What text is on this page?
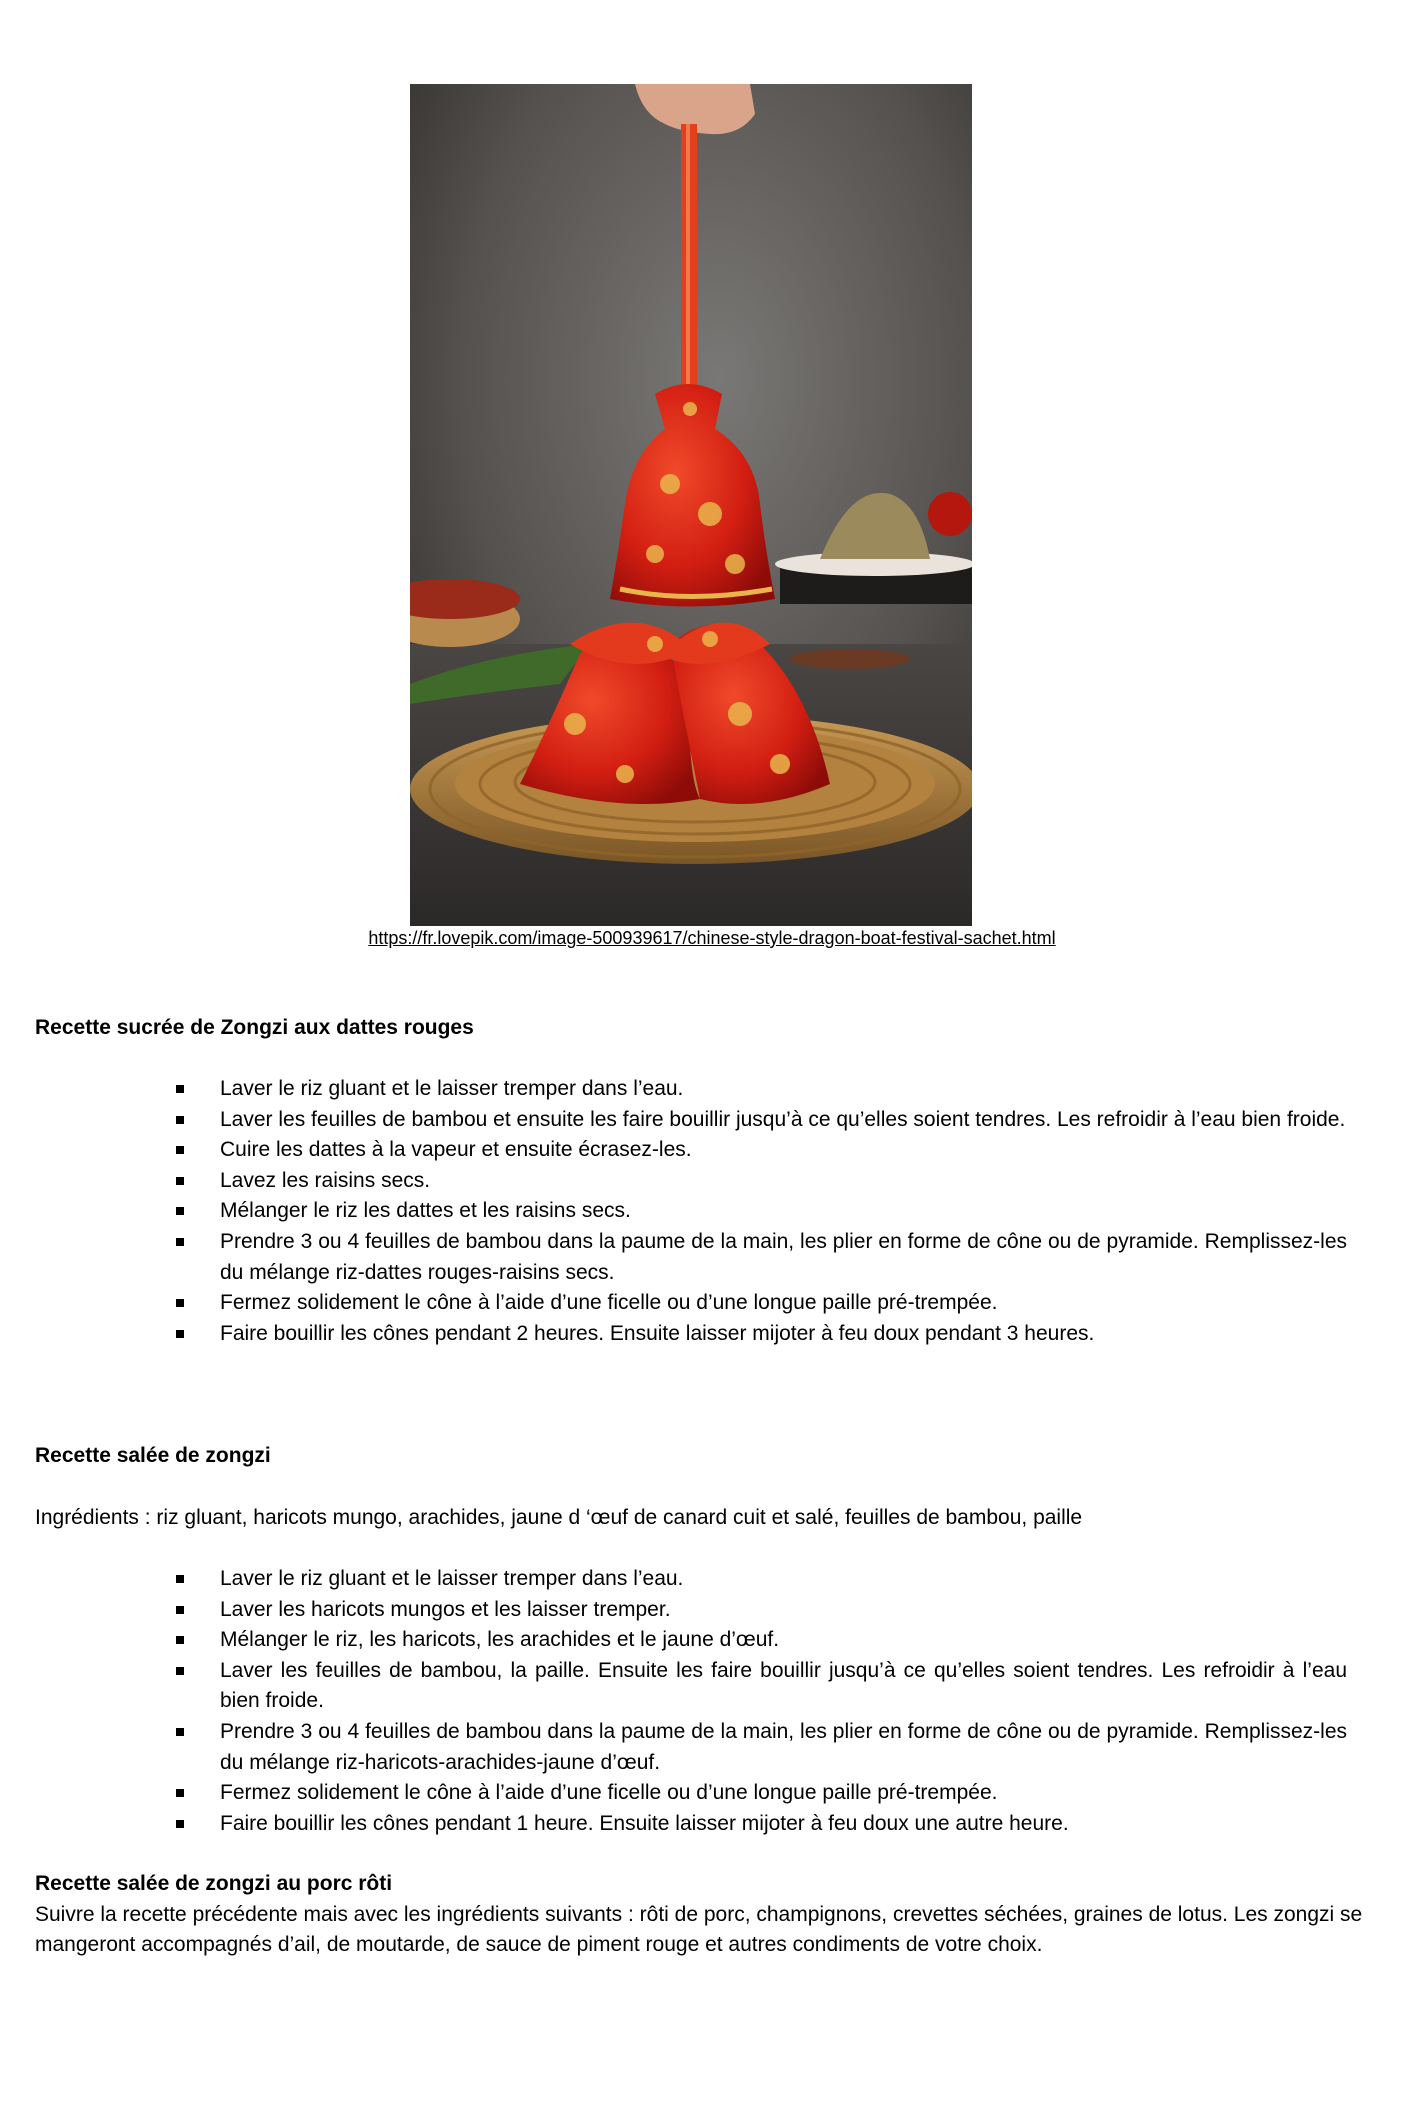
https://fr.lovepik.com/image-500939617/chinese-style-dragon-boat-festival-sachet.html
Recette sucrée de Zongzi aux dattes rouges
Laver le riz gluant et le laisser tremper dans l’eau.
Laver les feuilles de bambou et ensuite les faire bouillir jusqu’à ce qu’elles soient tendres. Les refroidir à l’eau bien froide.
Cuire les dattes à la vapeur et ensuite écrasez-les.
Lavez les raisins secs.
Mélanger le riz les dattes et les raisins secs.
Prendre 3 ou 4 feuilles de bambou dans la paume de la main, les plier en forme de cône ou de pyramide. Remplissez-les du mélange riz-dattes rouges-raisins secs.
Fermez solidement le cône à l’aide d’une ficelle ou d’une longue paille pré-trempée.
Faire bouillir les cônes pendant 2 heures. Ensuite laisser mijoter à feu doux pendant 3 heures.
Recette salée de zongzi
Ingrédients : riz gluant, haricots mungo, arachides, jaune d ‘œuf de canard cuit et salé, feuilles de bambou, paille
Laver le riz gluant et le laisser tremper dans l’eau.
Laver les haricots mungos et les laisser tremper.
Mélanger le riz, les haricots, les arachides et le jaune d’œuf.
Laver les feuilles de bambou, la paille. Ensuite les faire bouillir jusqu’à ce qu’elles soient tendres. Les refroidir à l’eau bien froide.
Prendre 3 ou 4 feuilles de bambou dans la paume de la main, les plier en forme de cône ou de pyramide. Remplissez-les du mélange riz-haricots-arachides-jaune d’œuf.
Fermez solidement le cône à l’aide d’une ficelle ou d’une longue paille pré-trempée.
Faire bouillir les cônes pendant 1 heure. Ensuite laisser mijoter à feu doux une autre heure.
Recette salée de zongzi au porc rôti
Suivre la recette précédente mais avec les ingrédients suivants : rôti de porc, champignons, crevettes séchées, graines de lotus. Les zongzi se mangeront accompagnés d’ail, de moutarde, de sauce de piment rouge et autres condiments de votre choix.
